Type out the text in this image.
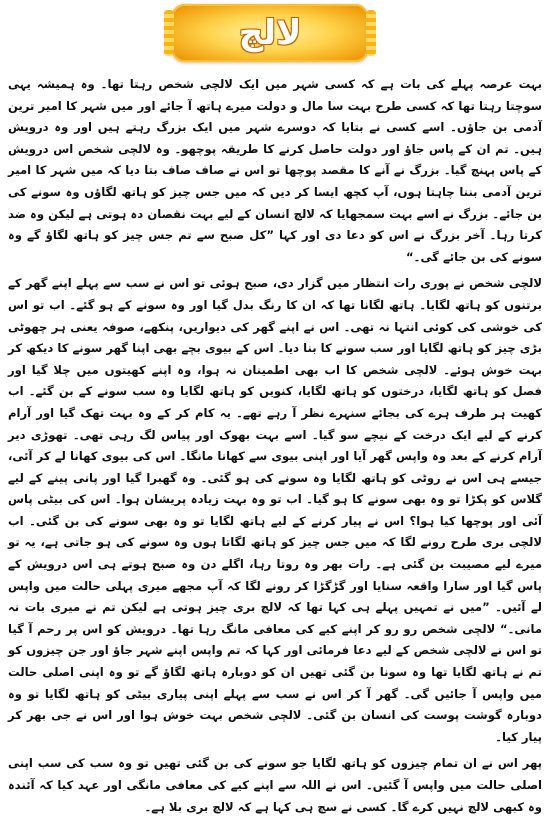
لالچ

بہت عرصہ پہلے کی بات ہے کہ کسی شہر میں ایک لالچی شخص رہتا تھا۔ وہ ہمیشہ یہی سوچتا رہتا تھا کہ کسی طرح بہت سا مال و دولت میرے ہاتھ آ جائے اور میں شہر کا امیر ترین آدمی بن جاؤں۔ اسے کسی نے بتایا کہ دوسرے شہر میں ایک بزرگ رہتے ہیں اور وہ درویش ہیں۔ تم ان کے پاس جاؤ اور دولت حاصل کرنے کا طریقہ پوچھو۔ وہ لالچی شخص اس درویش کے پاس پہنچ گیا۔ بزرگ نے آنے کا مقصد پوچھا تو اس نے صاف صاف بتا دیا کہ میں شہر کا امیر ترین آدمی بننا چاہتا ہوں، آپ کچھ ایسا کر دیں کہ میں جس چیز کو ہاتھ لگاؤں وہ سونے کی بن جائے۔ بزرگ نے اسے بہت سمجھایا کہ لالچ انسان کے لیے بہت نقصان دہ ہوتی ہے لیکن وہ ضد کرتا رہا۔ آخر بزرگ نے اس کو دعا دی اور کہا ”کل صبح سے تم جس چیز کو ہاتھ لگاؤ گے وہ سونے کی بن جائے گی۔“

لالچی شخص نے پوری رات انتظار میں گزار دی، صبح ہوئی تو اس نے سب سے پہلے اپنے گھر کے برتنوں کو ہاتھ لگایا۔ ہاتھ لگانا تھا کہ ان کا رنگ بدل گیا اور وہ سونے کے ہو گئے۔ اب تو اس کی خوشی کی کوئی انتہا نہ تھی۔ اس نے اپنے گھر کی دیواریں، پنکھے، صوفہ یعنی ہر چھوٹی بڑی چیز کو ہاتھ لگایا اور سب سونے کا بنا دیا۔ اس کے بیوی بچے بھی اپنا گھر سونے کا دیکھ کر بہت خوش ہوئے۔ لالچی شخص کا اب بھی اطمینان نہ ہوا، وہ اپنے کھیتوں میں چلا گیا اور فصل کو ہاتھ لگایا، درختوں کو ہاتھ لگایا، کنویں کو ہاتھ لگایا وہ سب سونے کے بن گئے۔ اب کھیت ہر طرف ہرے کی بجائے سنہرے نظر آ رہے تھے۔ یہ کام کر کے وہ بہت تھک گیا اور آرام کرنے کے لیے ایک درخت کے نیچے سو گیا۔ اسے بہت بھوک اور پیاس لگ رہی تھی۔ تھوڑی دیر آرام کرنے کے بعد وہ واپس گھر آیا اور اپنی بیوی سے کھانا مانگا۔ اس کی بیوی کھانا لے کر آئی، جیسے ہی اس نے روٹی کو ہاتھ لگایا وہ سونے کی ہو گئی۔ وہ گھبرا گیا اور پانی پینے کے لیے گلاس کو پکڑا تو وہ بھی سونے کا ہو گیا۔ اب تو وہ بہت زیادہ پریشان ہوا۔ اس کی بیٹی پاس آئی اور پوچھا کیا ہوا؟ اس نے پیار کرنے کے لیے ہاتھ لگایا تو وہ بھی سونے کی بن گئی۔ اب لالچی بری طرح رونے لگا کہ میں جس چیز کو ہاتھ لگاتا ہوں وہ سونے کی ہو جاتی ہے، یہ تو میرے لیے مصیبت بن گئی ہے۔ رات بھر وہ روتا رہا، اگلے دن وہ صبح ہوتے ہی اس درویش کے پاس گیا اور سارا واقعہ سنایا اور گڑگڑا کر رونے لگا کہ آپ مجھے میری پہلی حالت میں واپس لے آئیں۔ ”میں نے تمہیں پہلے ہی کہا تھا کہ لالچ بری چیز ہوتی ہے لیکن تم نے میری بات نہ مانی۔“ لالچی شخص رو رو کر اپنے کیے کی معافی مانگ رہا تھا۔ درویش کو اس پر رحم آ گیا تو اس نے لالچی شخص کے لیے دعا فرمائی اور کہا کہ تم واپس اپنے شہر جاؤ اور جن چیزوں کو تم نے ہاتھ لگایا تھا وہ سونا بن گئی تھیں ان کو دوبارہ ہاتھ لگاؤ گے تو وہ اپنی اصلی حالت میں واپس آ جائیں گی۔ گھر آ کر اس نے سب سے پہلے اپنی پیاری بیٹی کو ہاتھ لگایا تو وہ دوبارہ گوشت پوست کی انسان بن گئی۔ لالچی شخص بہت خوش ہوا اور اس نے جی بھر کر پیار کیا۔

پھر اس نے ان تمام چیزوں کو ہاتھ لگایا جو سونے کی بن گئی تھیں تو وہ سب کی سب اپنی اصلی حالت میں واپس آ گئیں۔ اس نے اللہ سے اپنے کیے کی معافی مانگی اور عہد کیا کہ آئندہ وہ کبھی لالچ نہیں کرے گا۔ کسی نے سچ ہی کہا ہے کہ لالچ بری بلا ہے۔
